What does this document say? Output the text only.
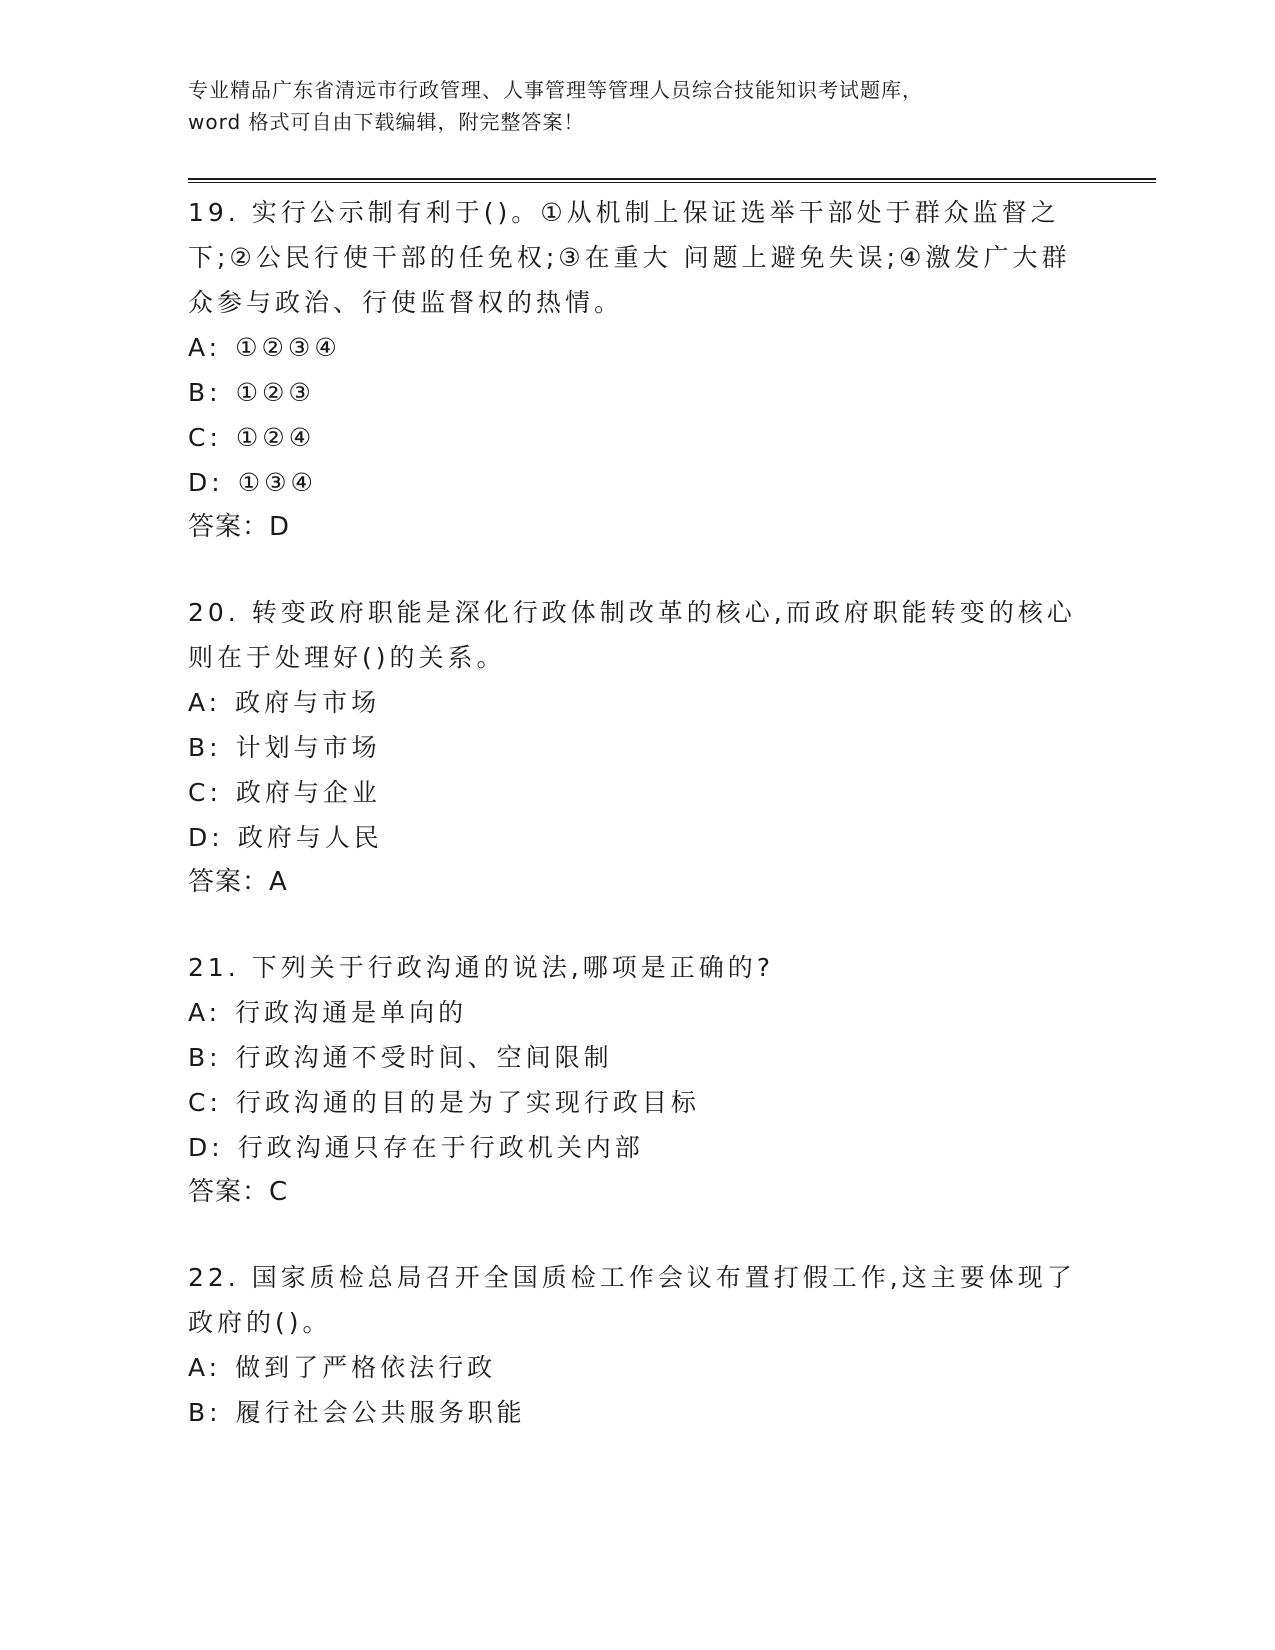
专业精品广东省清远市行政管理、人事管理等管理人员综合技能知识考试题库，
word 格式可自由下载编辑，附完整答案！
19. 实行公示制有利于()。①从机制上保证选举干部处于群众监督之下;②公民行使干部的任免权;③在重大 问题上避免失误;④激发广大群众参与政治、行使监督权的热情。
A: ①②③④
B: ①②③
C: ①②④
D: ①③④
答案：D
20. 转变政府职能是深化行政体制改革的核心,而政府职能转变的核心则在于处理好()的关系。
A: 政府与市场
B: 计划与市场
C: 政府与企业
D: 政府与人民
答案：A
21. 下列关于行政沟通的说法,哪项是正确的?
A: 行政沟通是单向的
B: 行政沟通不受时间、空间限制
C: 行政沟通的目的是为了实现行政目标
D: 行政沟通只存在于行政机关内部
答案：C
22. 国家质检总局召开全国质检工作会议布置打假工作,这主要体现了政府的()。
A: 做到了严格依法行政
B: 履行社会公共服务职能
